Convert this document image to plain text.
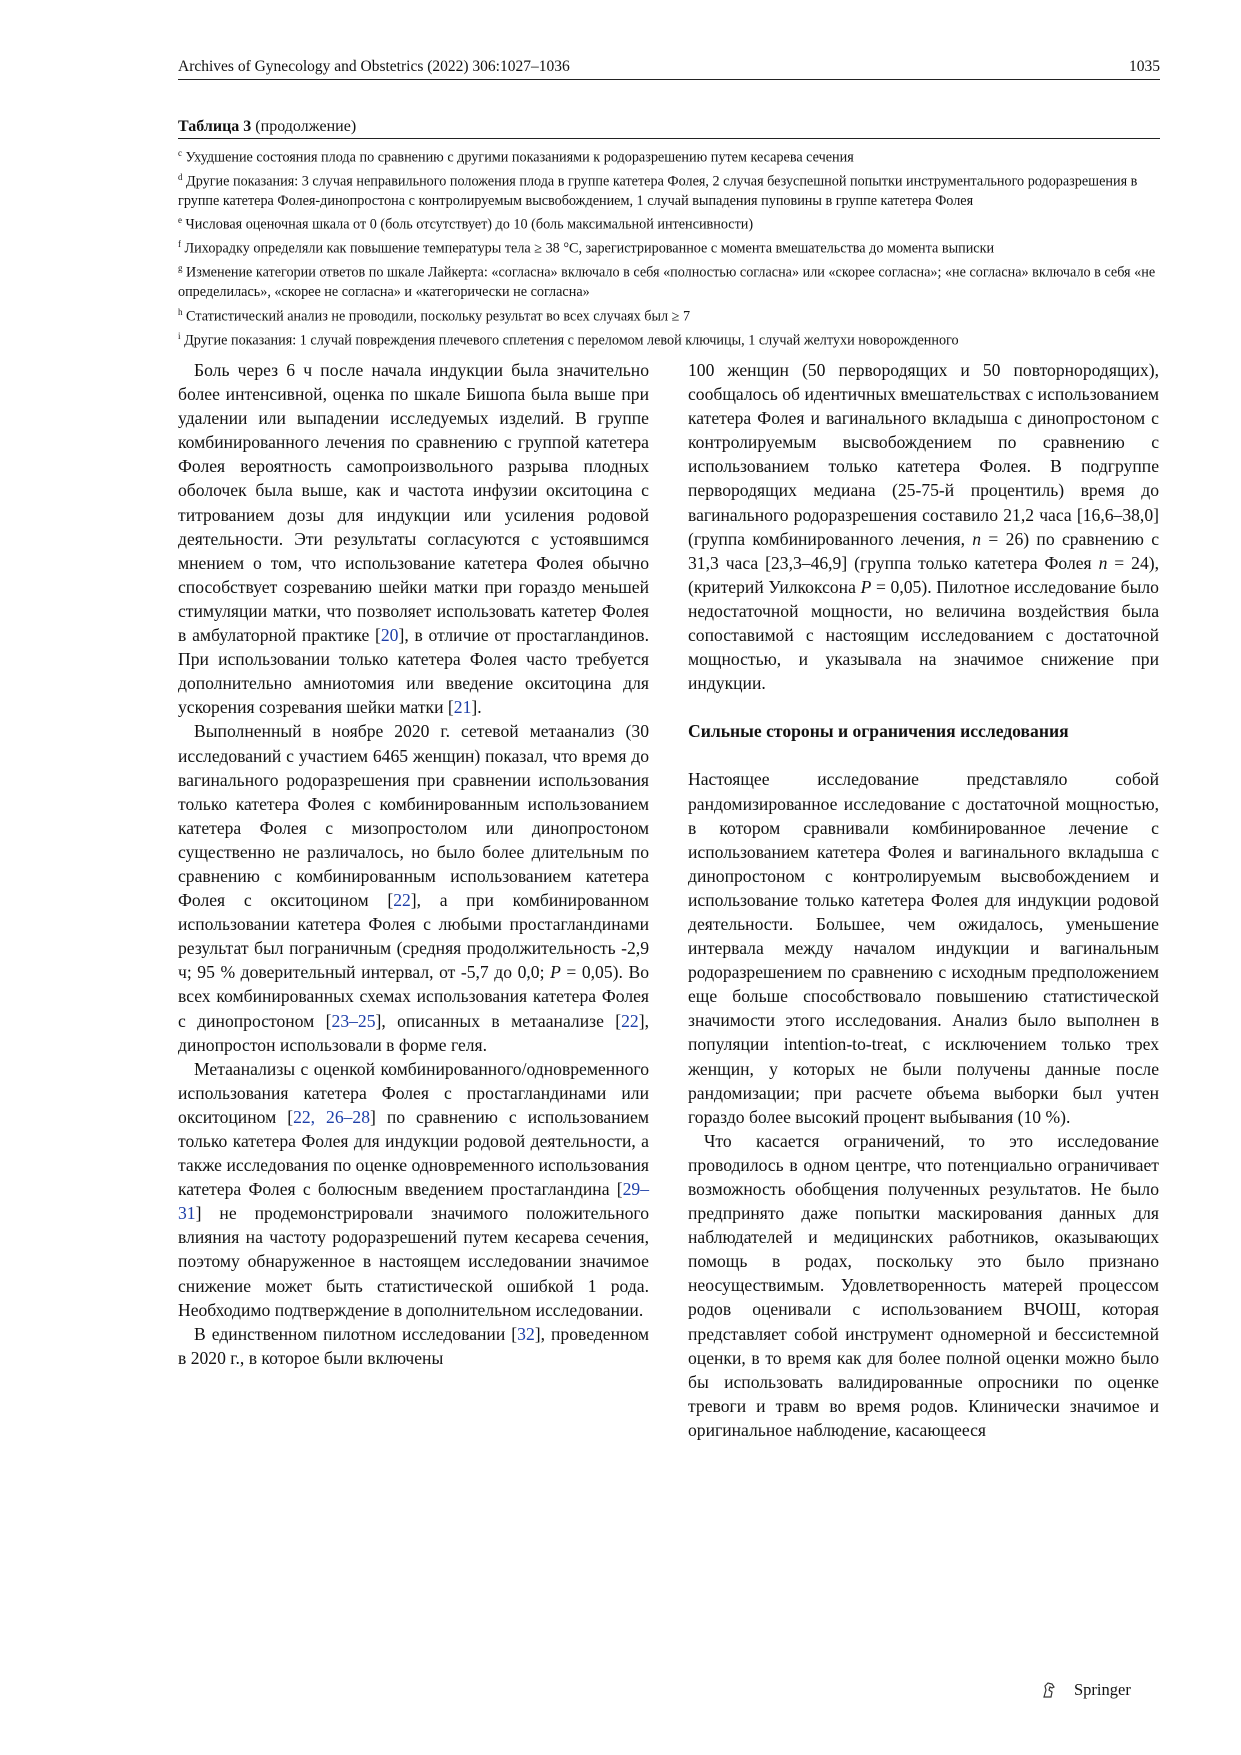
Archives of Gynecology and Obstetrics (2022) 306:1027–1036	1035
Таблица 3 (продолжение)

$^c$ Ухудшение состояния плода по сравнению с другими показаниями к родоразрешению путем кесарева сечения

$^d$ Другие показания: 3 случая неправильного положения плода в группе катетера Фолея, 2 случая безуспешной попытки инструментального родоразрешения в группе катетера Фолея-динопростона с контролируемым высвобождением, 1 случай выпадения пуповины в группе катетера Фолея

$^e$ Числовая оценочная шкала от 0 (боль отсутствует) до 10 (боль максимальной интенсивности)

$^f$ Лихорадку определяли как повышение температуры тела ≥ 38 °C, зарегистрированное с момента вмешательства до момента выписки

$^g$ Изменение категории ответов по шкале Лайкерта: «согласна» включало в себя «полностью согласна» или «скорее согласна»; «не согласна» включало в себя «не определилась», «скорее не согласна» и «категорически не согласна»

$^h$ Статистический анализ не проводили, поскольку результат во всех случаях был ≥ 7

$^i$ Другие показания: 1 случай повреждения плечевого сплетения с переломом левой ключицы, 1 случай желтухи новорожденного

Боль через 6 ч после начала индукции была значительно более интенсивной, оценка по шкале Бишопа была выше при удалении или выпадении исследуемых изделий. В группе комбинированного лечения по сравнению с группой катетера Фолея вероятность самопроизвольного разрыва плодных оболочек была выше, как и частота инфузии окситоцина с титрованием дозы для индукции или усиления родовой деятельности. Эти результаты согласуются с устоявшимся мнением о том, что использование катетера Фолея обычно способствует созреванию шейки матки при гораздо меньшей стимуляции матки, что позволяет использовать катетер Фолея в амбулаторной практике [20], в отличие от простагландинов. При использовании только катетера Фолея часто требуется дополнительно амниотомия или введение окситоцина для ускорения созревания шейки матки [21].

Выполненный в ноябре 2020 г. сетевой метаанализ (30 исследований с участием 6465 женщин) показал, что время до вагинального родоразрешения при сравнении использования только катетера Фолея с комбинированным использованием катетера Фолея с мизопростолом или динопростоном существенно не различалось, но было более длительным по сравнению с комбинированным использованием катетера Фолея с окситоцином [22], а при комбинированном использовании катетера Фолея с любыми простагландинами результат был пограничным (средняя продолжительность -2,9 ч; 95 % доверительный интервал, от -5,7 до 0,0; P = 0,05). Во всех комбинированных схемах использования катетера Фолея с динопростоном [23–25], описанных в метаанализе [22], динопростон использовали в форме геля.

Метаанализы с оценкой комбинированного/одновременного использования катетера Фолея с простагландинами или окситоцином [22, 26–28] по сравнению с использованием только катетера Фолея для индукции родовой деятельности, а также исследования по оценке одновременного использования катетера Фолея с болюсным введением простагландина [29–31] не продемонстрировали значимого положительного влияния на частоту родоразрешений путем кесарева сечения, поэтому обнаруженное в настоящем исследовании значимое снижение может быть статистической ошибкой 1 рода. Необходимо подтверждение в дополнительном исследовании.

В единственном пилотном исследовании [32], проведенном в 2020 г., в которое были включены

100 женщин (50 первородящих и 50 повторнородящих), сообщалось об идентичных вмешательствах с использованием катетера Фолея и вагинального вкладыша с динопростоном с контролируемым высвобождением по сравнению с использованием только катетера Фолея. В подгруппе первородящих медиана (25-75-й процентиль) время до вагинального родоразрешения составило 21,2 часа [16,6–38,0] (группа комбинированного лечения, n = 26) по сравнению с 31,3 часа [23,3–46,9] (группа только катетера Фолея n = 24), (критерий Уилкоксона P = 0,05). Пилотное исследование было недостаточной мощности, но величина воздействия была сопоставимой с настоящим исследованием с достаточной мощностью, и указывала на значимое снижение при индукции.

Сильные стороны и ограничения исследования

Настоящее исследование представляло собой рандомизированное исследование с достаточной мощностью, в котором сравнивали комбинированное лечение с использованием катетера Фолея и вагинального вкладыша с динопростоном с контролируемым высвобождением и использование только катетера Фолея для индукции родовой деятельности. Большее, чем ожидалось, уменьшение интервала между началом индукции и вагинальным родоразрешением по сравнению с исходным предположением еще больше способствовало повышению статистической значимости этого исследования. Анализ было выполнен в популяции intention-to-treat, с исключением только трех женщин, у которых не были получены данные после рандомизации; при расчете объема выборки был учтен гораздо более высокий процент выбывания (10 %).

Что касается ограничений, то это исследование проводилось в одном центре, что потенциально ограничивает возможность обобщения полученных результатов. Не было предпринято даже попытки маскирования данных для наблюдателей и медицинских работников, оказывающих помощь в родах, поскольку это было признано неосуществимым. Удовлетворенность матерей процессом родов оценивали с использованием ВЧОШ, которая представляет собой инструмент одномерной и бессистемной оценки, в то время как для более полной оценки можно было бы использовать валидированные опросники по оценке тревоги и травм во время родов. Клинически значимое и оригинальное наблюдение, касающееся

Springer
